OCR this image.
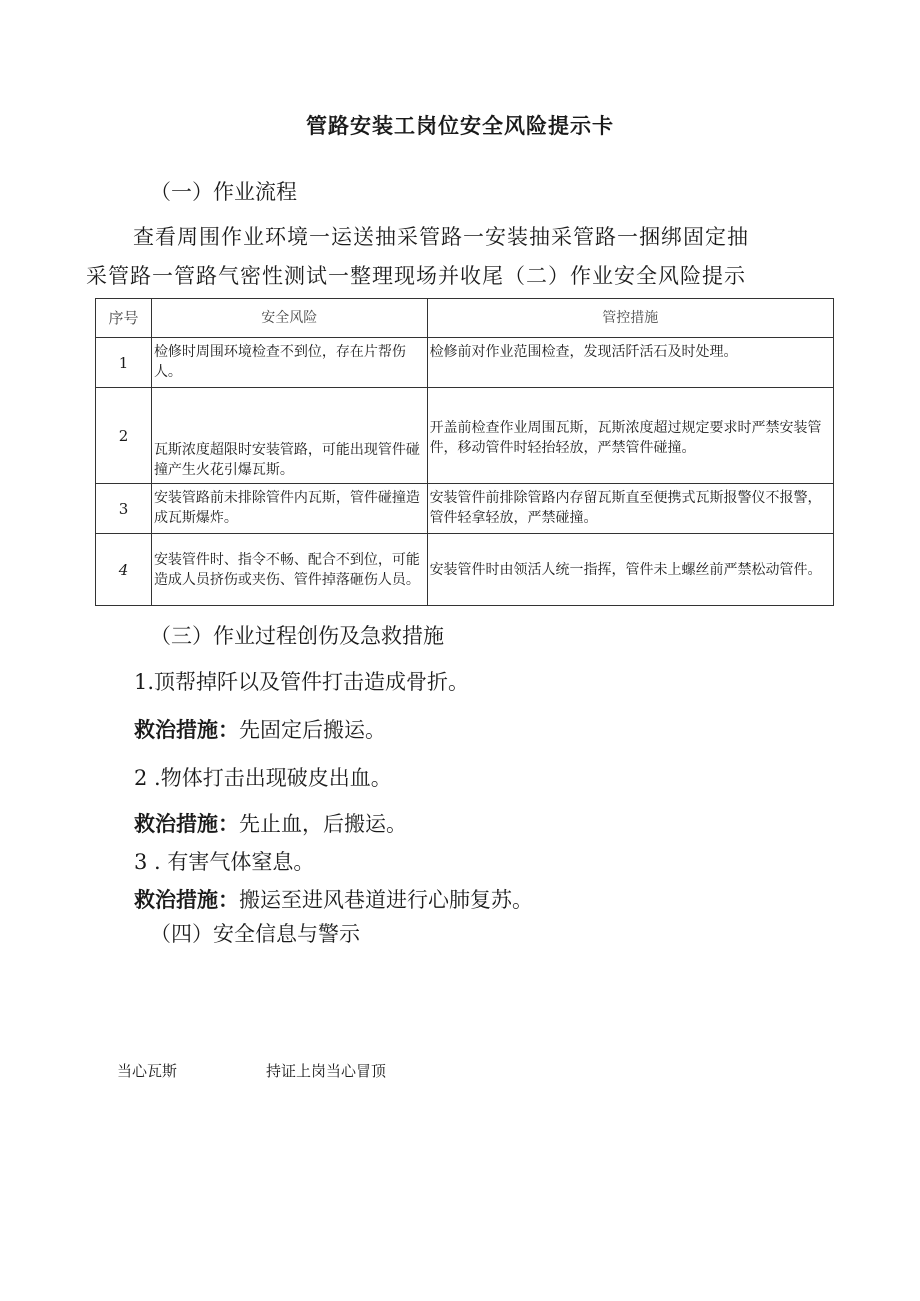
管路安装工岗位安全风险提示卡
（一）作业流程
查看周围作业环境一运送抽采管路一安装抽采管路一捆绑固定抽
采管路一管路气密性测试一整理现场并收尾（二）作业安全风险提示
序号	安全风险	管控措施
1	检修时周围环境检查不到位，存在片帮伤人。	检修前对作业范围检查，发现活阡活石及时处理。
2	瓦斯浓度超限时安装管路，可能出现管件碰撞产生火花引爆瓦斯。	开盖前检查作业周围瓦斯，瓦斯浓度超过规定要求时严禁安装管件，移动管件时轻抬轻放，严禁管件碰撞。
3	安装管路前未排除管件内瓦斯，管件碰撞造成瓦斯爆炸。	安装管件前排除管路内存留瓦斯直至便携式瓦斯报警仪不报警，管件轻拿轻放，严禁碰撞。
4	安装管件时、指令不畅、配合不到位，可能造成人员挤伤或夹伤、管件掉落砸伤人员。	安装管件时由领活人统一指挥，管件未上螺丝前严禁松动管件。
（三）作业过程创伤及急救措施
1.顶帮掉阡以及管件打击造成骨折。
救治措施：先固定后搬运。
2 .物体打击出现破皮出血。
救治措施：先止血，后搬运。
3 . 有害气体窒息。
救治措施：搬运至进风巷道进行心肺复苏。
（四）安全信息与警示
当心瓦斯	持证上岗当心冒顶
